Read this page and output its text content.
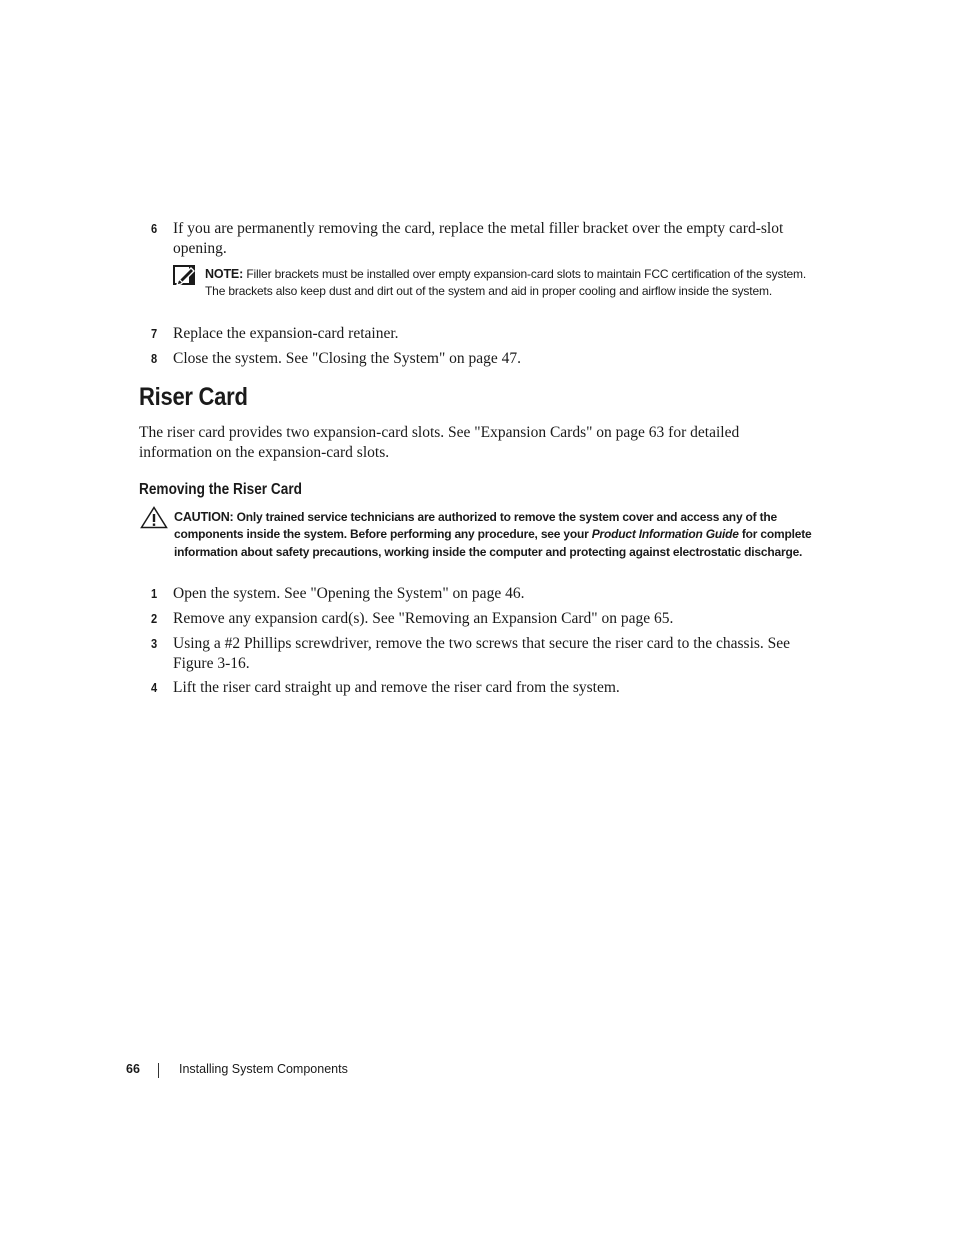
6 If you are permanently removing the card, replace the metal filler bracket over the empty card-slot opening.
NOTE: Filler brackets must be installed over empty expansion-card slots to maintain FCC certification of the system. The brackets also keep dust and dirt out of the system and aid in proper cooling and airflow inside the system.
7 Replace the expansion-card retainer.
8 Close the system. See "Closing the System" on page 47.
Riser Card
The riser card provides two expansion-card slots. See "Expansion Cards" on page 63 for detailed information on the expansion-card slots.
Removing the Riser Card
CAUTION: Only trained service technicians are authorized to remove the system cover and access any of the components inside the system. Before performing any procedure, see your Product Information Guide for complete information about safety precautions, working inside the computer and protecting against electrostatic discharge.
1 Open the system. See "Opening the System" on page 46.
2 Remove any expansion card(s). See "Removing an Expansion Card" on page 65.
3 Using a #2 Phillips screwdriver, remove the two screws that secure the riser card to the chassis. See Figure 3-16.
4 Lift the riser card straight up and remove the riser card from the system.
66	Installing System Components
